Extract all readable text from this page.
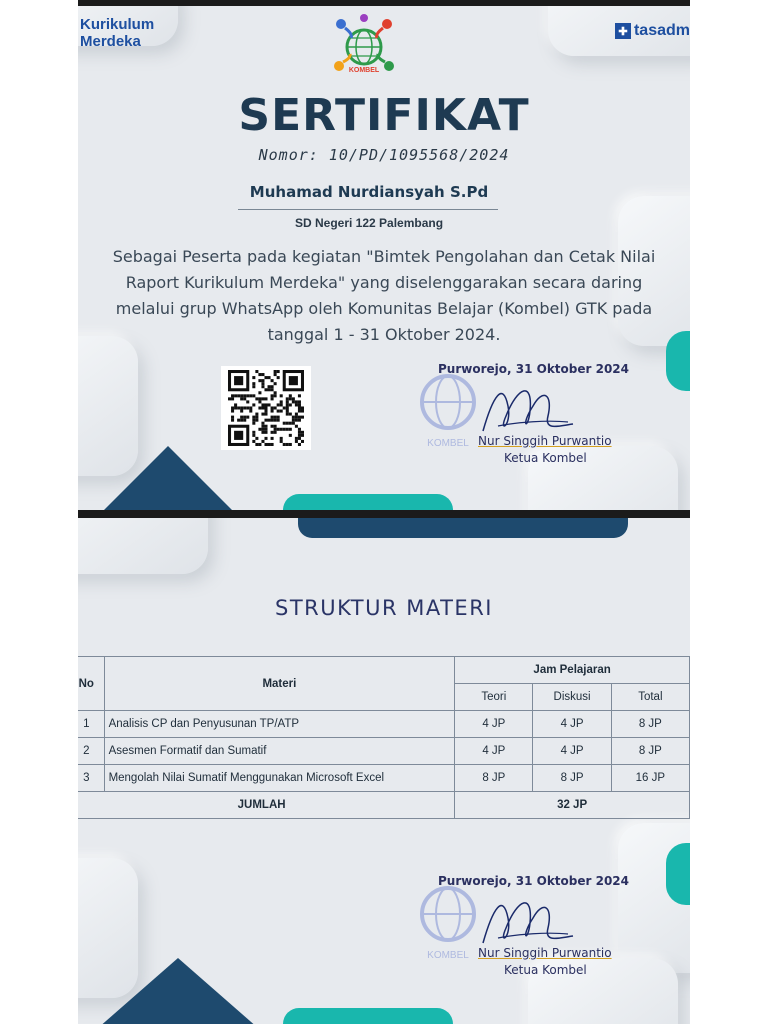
Kurikulum
Merdeka
✚ tasadm
KOMBEL
SERTIFIKAT
Nomor: 10/PD/1095568/2024
Muhamad Nurdiansyah S.Pd
SD Negeri 122 Palembang
Sebagai Peserta pada kegiatan "Bimtek Pengolahan dan Cetak Nilai
Raport Kurikulum Merdeka" yang diselenggarakan secara daring
melalui grup WhatsApp oleh Komunitas Belajar (Kombel) GTK pada
tanggal 1 - 31 Oktober 2024.
KOMBEL
Purworejo, 31 Oktober 2024
Nur Singgih Purwantio
Ketua Kombel
STRUKTUR MATERI
No	Materi	Jam Pelajaran		
		Teori	Diskusi	Total
1	Analisis CP dan Penyusunan TP/ATP	4 JP	4 JP	8 JP
2	Asesmen Formatif dan Sumatif	4 JP	4 JP	8 JP
3	Mengolah Nilai Sumatif Menggunakan Microsoft Excel	8 JP	8 JP	16 JP
JUMLAH		32 JP		
KOMBEL
Purworejo, 31 Oktober 2024
Nur Singgih Purwantio
Ketua Kombel
